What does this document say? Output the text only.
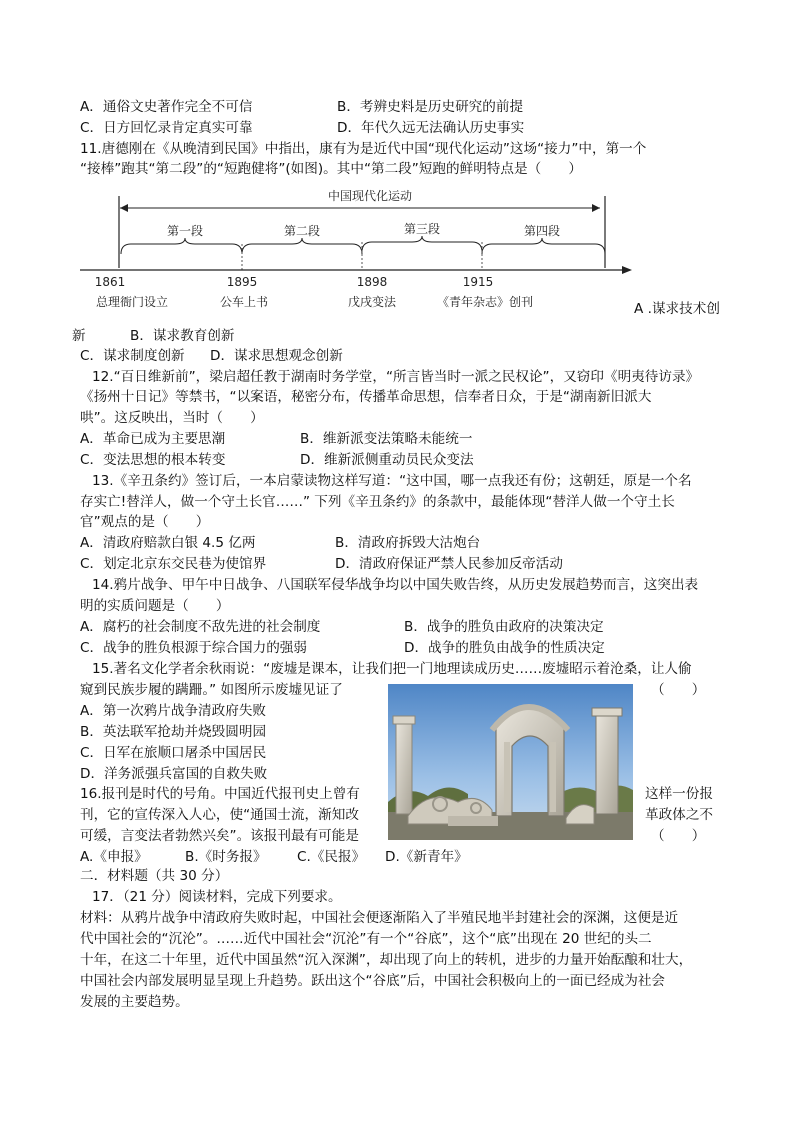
A．通俗文史著作完全不可信	B．考辨史料是历史研究的前提
C．日方回忆录肯定真实可靠	D．年代久远无法确认历史事实
11.唐德刚在《从晚清到民国》中指出，康有为是近代中国“现代化运动”这场“接力”中，第一个
“接棒”跑其“第二段”的“短跑健将”(如图)。其中“第二段”短跑的鲜明特点是（　　）
中国现代化运动
第一段	第二段	第三段	第四段
1861	1895	1898	1915
总理衙门设立	公车上书	戊戌变法	《青年杂志》创刊	A .谋求技术创
新	B．谋求教育创新
C．谋求制度创新 D．谋求思想观念创新
12.“百日维新前”，梁启超任教于湖南时务学堂，“所言皆当时一派之民权论”，又窃印《明夷待访录》
《扬州十日记》等禁书，“以案语，秘密分布，传播革命思想，信奉者日众，于是“湖南新旧派大
哄”。这反映出，当时（　　）
A．革命已成为主要思潮	B．维新派变法策略未能统一
C．变法思想的根本转变	D．维新派侧重动员民众变法
13.《辛丑条约》签订后，一本启蒙读物这样写道：“这中国，哪一点我还有份；这朝廷，原是一个名
存实亡!替洋人，做一个守土长官……” 下列《辛丑条约》的条款中，最能体现“替洋人做一个守土长
官”观点的是（　　）
A．清政府赔款白银 4.5 亿两	B．清政府拆毁大沽炮台
C．划定北京东交民巷为使馆界	D．清政府保证严禁人民参加反帝活动
14.鸦片战争、甲午中日战争、八国联军侵华战争均以中国失败告终，从历史发展趋势而言，这突出表
明的实质问题是（　　）
A．腐朽的社会制度不敌先进的社会制度	B．战争的胜负由政府的决策决定
C．战争的胜负根源于综合国力的强弱	D．战争的胜负由战争的性质决定
15.著名文化学者余秋雨说：“废墟是课本，让我们把一门地理读成历史……废墟昭示着沧桑，让人偷
窥到民族步履的蹒跚。” 如图所示废墟见证了	（　　）
A．第一次鸦片战争清政府失败
B．英法联军抢劫并烧毁圆明园
C．日军在旅顺口屠杀中国居民
D．洋务派强兵富国的自救失败
16.报刊是时代的号角。中国近代报刊史上曾有	这样一份报
刊，它的宣传深入人心，使“通国士流，渐知改	革政体之不
可缓，言变法者勃然兴矣”。该报刊最有可能是	（　　）
A.《申报》	B.《时务报》 C.《民报》 D.《新青年》
二．材料题（共 30 分）
17．（21 分）阅读材料，完成下列要求。
材料：从鸦片战争中清政府失败时起，中国社会便逐渐陷入了半殖民地半封建社会的深渊，这便是近
代中国社会的“沉沦”。……近代中国社会“沉沦”有一个“谷底”，这个“底”出现在 20 世纪的头二
十年，在这二十年里，近代中国虽然“沉入深渊”，却出现了向上的转机，进步的力量开始酝酿和壮大，
中国社会内部发展明显呈现上升趋势。跃出这个“谷底”后，中国社会积极向上的一面已经成为社会
发展的主要趋势。
